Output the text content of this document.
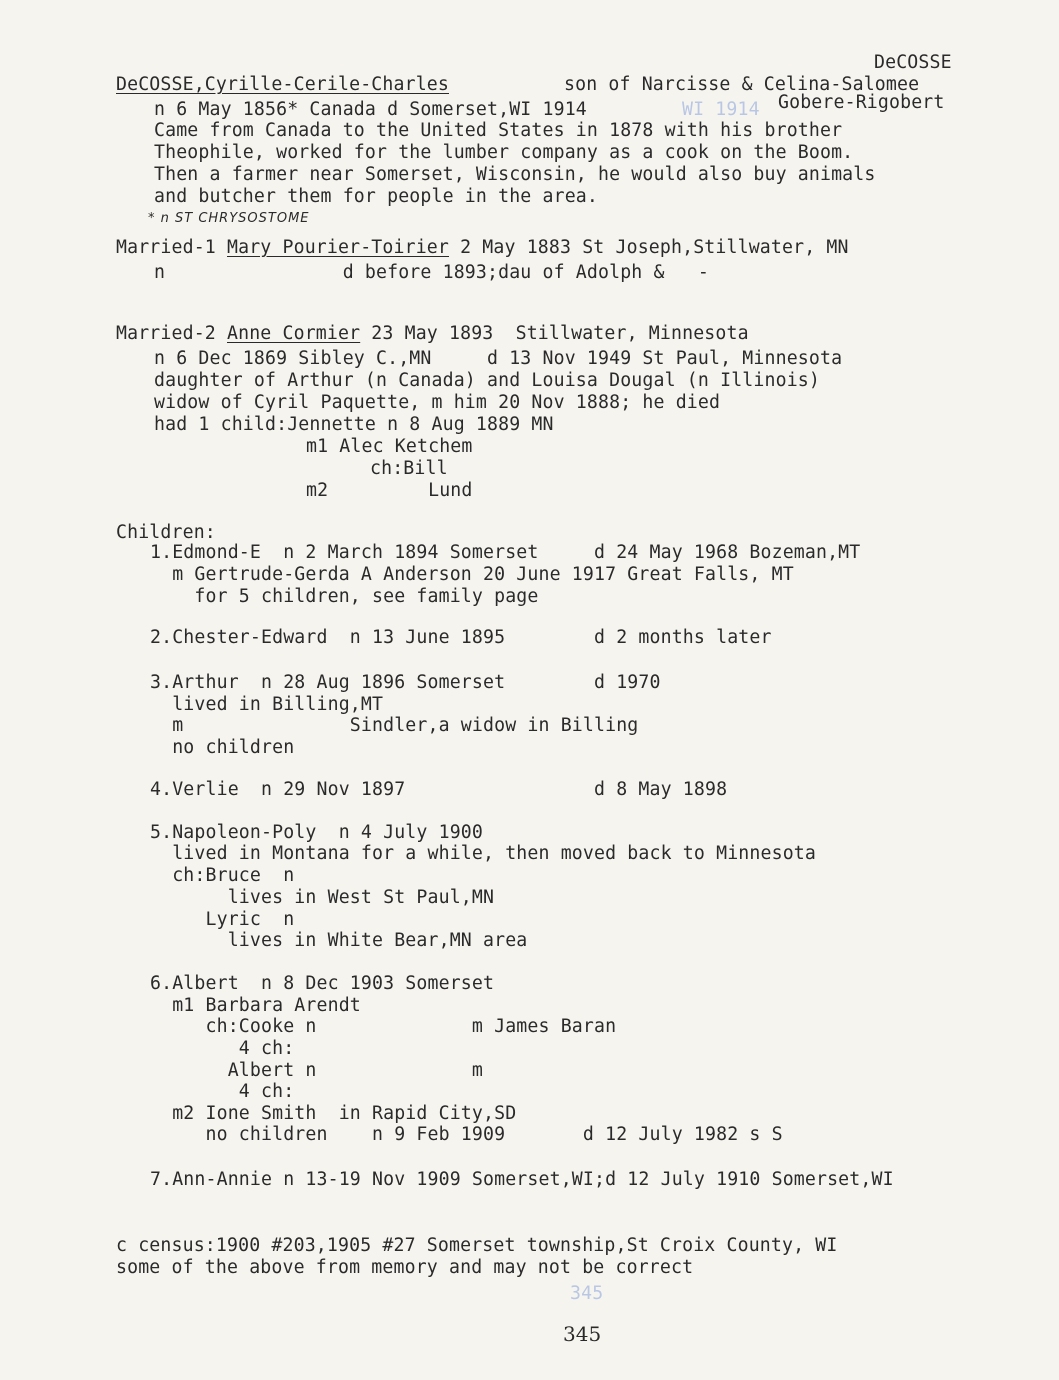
DeCOSSE
DeCOSSE,Cyrille-Cerile-Charles	son of Narcisse & Celina-Salomee
n 6 May 1856* Canada d Somerset,WI 1914	WI 1914 Gobere-Rigobert
Came from Canada to the United States in 1878 with his brother
Theophile, worked for the lumber company as a cook on the Boom.
Then a farmer near Somerset, Wisconsin, he would also buy animals
and butcher them for people in the area.
* n ST CHRYSOSTOME
Married-1 Mary Pourier-Toirier 2 May 1883 St Joseph,Stillwater, MN
n                d before 1893;dau of Adolph &   -
Married-2 Anne Cormier 23 May 1893  Stillwater, Minnesota
n 6 Dec 1869 Sibley C.,MN     d 13 Nov 1949 St Paul, Minnesota
daughter of Arthur (n Canada) and Louisa Dougal (n Illinois)
widow of Cyril Paquette, m him 20 Nov 1888; he died
had 1 child:Jennette n 8 Aug 1889 MN
m1 Alec Ketchem
ch:Bill
m2         Lund
Children:
1.Edmond-E  n 2 March 1894 Somerset     d 24 May 1968 Bozeman,MT
m Gertrude-Gerda A Anderson 20 June 1917 Great Falls, MT
for 5 children, see family page
2.Chester-Edward  n 13 June 1895        d 2 months later
3.Arthur  n 28 Aug 1896 Somerset        d 1970
lived in Billing,MT
m               Sindler,a widow in Billing
no children
4.Verlie  n 29 Nov 1897                 d 8 May 1898
5.Napoleon-Poly  n 4 July 1900
lived in Montana for a while, then moved back to Minnesota
ch:Bruce  n
lives in West St Paul,MN
Lyric  n
lives in White Bear,MN area
6.Albert  n 8 Dec 1903 Somerset
m1 Barbara Arendt
ch:Cooke n              m James Baran
4 ch:
Albert n              m
4 ch:
m2 Ione Smith  in Rapid City,SD
no children    n 9 Feb 1909       d 12 July 1982 s S
7.Ann-Annie n 13-19 Nov 1909 Somerset,WI;d 12 July 1910 Somerset,WI
c census:1900 #203,1905 #27 Somerset township,St Croix County, WI
some of the above from memory and may not be correct
345
345
